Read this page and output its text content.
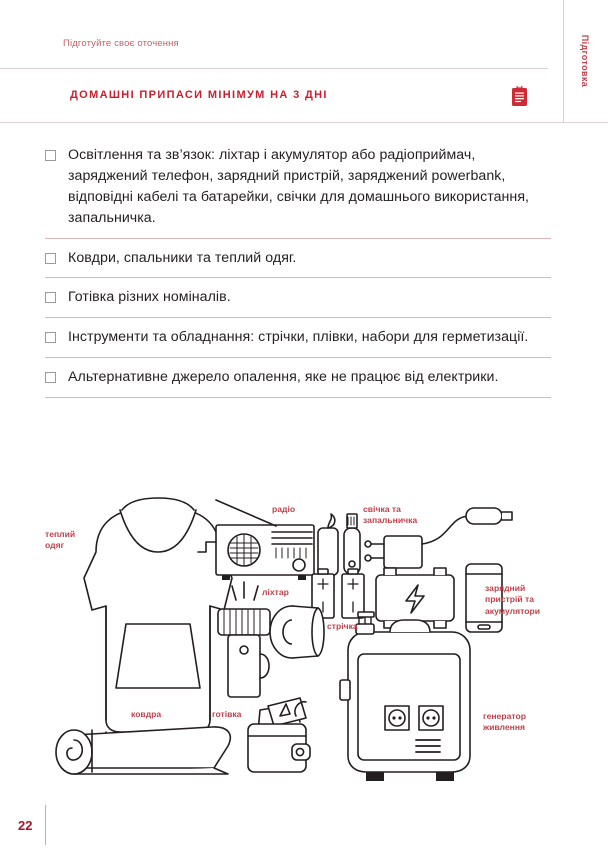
Підготовка
Підготуйте своє оточення
ДОМАШНІ ПРИПАСИ МІНІМУМ НА 3 ДНІ
Освітлення та зв’язок: ліхтар і акумулятор або радіоприймач, заряджений телефон, зарядний пристрій, заряджений powerbank, відповідні кабелі та батарейки, свічки для домашнього використання, запальничка.
Ковдри, спальники та теплий одяг.
Готівка різних номіналів.
Інструменти та обладнання: стрічки, плівки, набори для герметизації.
Альтернативне джерело опалення, яке не працює від електрики.
теплий
одяг
радіо	свічка та
запальничка
ліхтар	зарядний
пристрій та
акумулятори
стрічка
ковдра	готівка	генератор
живлення
22
